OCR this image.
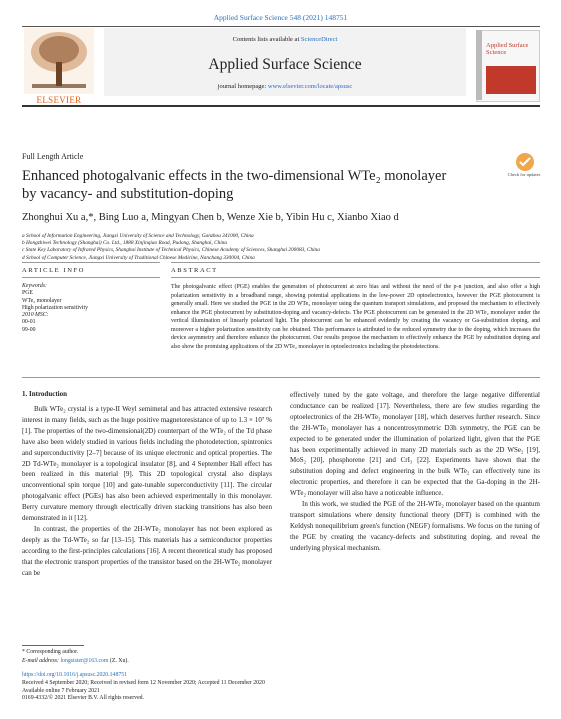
Applied Surface Science 548 (2021) 148751
ELSEVIER
Contents lists available at ScienceDirect
Applied Surface Science
journal homepage: www.elsevier.com/locate/apsusc
Applied Surface Science
Full Length Article
Enhanced photogalvanic effects in the two-dimensional WTe₂ monolayer by vacancy- and substitution-doping
Check for updates
Zhonghui Xu a,*, Bing Luo a, Mingyan Chen b, Wenze Xie b, Yibin Hu c, Xianbo Xiao d
a School of Information Engineering, Jiangxi University of Science and Technology, Ganzhou 341000, China
b Hongzhiwei Technology (Shanghai) Co. Ltd., 1888 Xinjinqiao Road, Pudong, Shanghai, China
c State Key Laboratory of Infrared Physics, Shanghai Institute of Technical Physics, Chinese Academy of Sciences, Shanghai 200083, China
d School of Computer Science, Jiangxi University of Traditional Chinese Medicine, Nanchang 330004, China
ARTICLE INFO	ABSTRACT
Keywords:
PGE
WTe₂ monolayer
High polarization sensitivity
2010 MSC:
00-01
99-00
The photogalvanic effect (PGE) enables the generation of photocurrent at zero bias and without the need of the p-n junction, and also offer a high polarization sensitivity in a broadband range, showing potential applications in the low-power 2D optoelectronics, however the PGE photocurrent is generally small. Here we studied the PGE in the 2D WTe₂ monolayer using the quantum transport simulations, and proposed the mechanism to effectively enhance the PGE photocurrent by substitution-doping and vacancy-defects. The PGE photocurrent can be generated in the 2D WTe₂ monolayer under the vertical illumination of linearly polarized light. The photocurrent can be enhanced evidently by creating the vacancy or Ga-substitution doping, and moreover a higher polarization sensitivity can be obtained. This performance is attributed to the reduced symmetry due to the doping, which increases the device asymmetry and therefore enhance the photocurrent. Our results propose the mechanism to effectively enhance the PGE by substitution doping and also show the promising applications of the 2D WTe₂ monolayer in optoelectronics including the photodetections.
1. Introduction

Bulk WTe₂ crystal is a type-II Weyl semimetal and has attracted extensive research interest in many fields, such as the huge positive magnetoresistance of up to 1.3 × 10⁷ % [1]. The properties of the two-dimensional(2D) counterpart of the WTe₂ of the Td phase have also been widely studied in various fields including the photodetection, spintronics and superconductivity [2–7] because of its unique electronic and optical properties. The 2D Td-WTe₂ monolayer is a topological insulator [8], and 4 September Hall effect has been realized in this material [9]. This 2D topological crystal also displays unconventional spin torque [10] and gate-tunable superconductivity [11]. The circular photogalvanic effect (PGEs) has also been achieved experimentally in this monolayer. Berry curvature memory through electrically driven stacking transitions has also been demonstrated in it [12].

In contrast, the properties of the 2H-WTe₂ monolayer has not been explored as deeply as the Td-WTe₂ so far [13–15]. This materials has a semiconductor properties according to the first-principles calculations [16]. A recent theoretical study has proposed that the electronic transport properties of the transistor based on the 2H-WTe₂ monolayer can be

effectively tuned by the gate voltage, and therefore the large negative differential conductance can be realized [17]. Nevertheless, there are few studies regarding the optoelectronics of the 2H-WTe₂ monolayer [18], which deserves further research. Since the 2H-WTe₂ monolayer has a noncentrosymmetric D3h symmetry, the PGE can be expected to be generated under the illumination of polarized light, given that the PGE has been experimentally achieved in many 2D materials such as the 2D WSe₂ [19], MoS₂ [20], phosphorene [21] and CrI₃ [22]. Experiments have shown that the substitution doping and defect engineering in the bulk WTe₂ can effectively tune its electronic properties, and therefore it can be expected that the Ga-doping in the 2H-WTe₂ monolayer will also have a noticeable influence.

In this work, we studied the PGE of the 2H-WTe₂ monolayer based on the quantum transport simulations where density functional theory (DFT) is combined with the Keldysh nonequilibrium green's function (NEGF) formalisms. We focus on the tuning of the PGE by creating the vacancy-defects and substituting doping, and reveal the underlying physical mechanism.

* Corresponding author.
E-mail address: longsister@163.com (Z. Xu).
https://doi.org/10.1016/j.apsusc.2020.148751
Received 4 September 2020; Received in revised form 12 November 2020; Accepted 11 December 2020
Available online 7 February 2021
0169-4332/© 2021 Elsevier B.V. All rights reserved.
